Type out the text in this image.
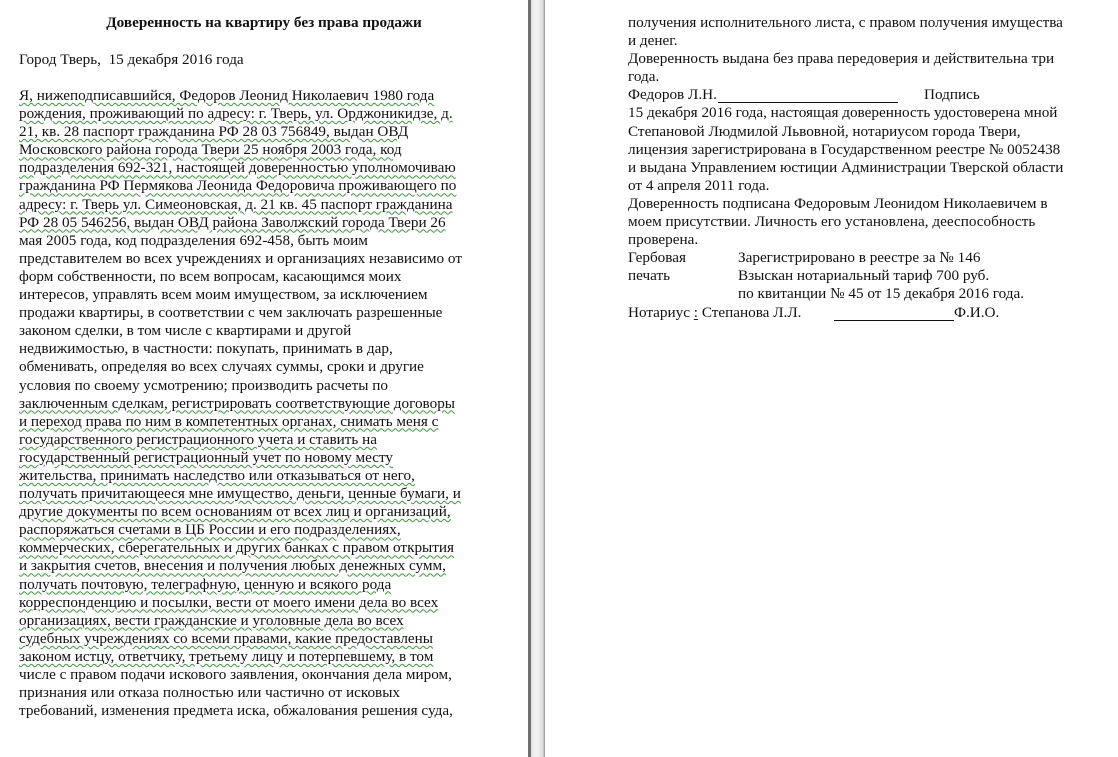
Доверенность на квартиру без права продажи
Город Тверь,  15 декабря 2016 года
Я, нижеподписавшийся, Федоров Леонид Николаевич 1980 года
рождения, проживающий по адресу: г. Тверь, ул. Орджоникидзе, д.
21, кв. 28 паспорт гражданина РФ 28 03 756849, выдан ОВД
Московского района города Твери 25 ноября 2003 года, код
подразделения 692-321, настоящей доверенностью уполномочиваю
гражданина РФ Пермякова Леонида Федоровича проживающего по
адресу: г. Тверь ул. Симеоновская, д. 21 кв. 45 паспорт гражданина
РФ 28 05 546256, выдан ОВД района Заволжский города Твери 26
мая 2005 года, код подразделения 692-458, быть моим
представителем во всех учреждениях и организациях независимо от
форм собственности, по всем вопросам, касающимся моих
интересов, управлять всем моим имуществом, за исключением
продажи квартиры, в соответствии с чем заключать разрешенные
законом сделки, в том числе с квартирами и другой
недвижимостью, в частности: покупать, принимать в дар,
обменивать, определяя во всех случаях суммы, сроки и другие
условия по своему усмотрению; производить расчеты по
заключенным сделкам, регистрировать соответствующие договоры
и переход права по ним в компетентных органах, снимать меня с
государственного регистрационного учета и ставить на
государственный регистрационный учет по новому месту
жительства, принимать наследство или отказываться от него,
получать причитающееся мне имущество, деньги, ценные бумаги, и
другие документы по всем основаниям от всех лиц и организаций,
распоряжаться счетами в ЦБ России и его подразделениях,
коммерческих, сберегательных и других банках с правом открытия
и закрытия счетов, внесения и получения любых денежных сумм,
получать почтовую, телеграфную, ценную и всякого рода
корреспонденцию и посылки, вести от моего имени дела во всех
организациях, вести гражданские и уголовные дела во всех
судебных учреждениях со всеми правами, какие предоставлены
законом истцу, ответчику, третьему лицу и потерпевшему, в том
числе с правом подачи искового заявления, окончания дела миром,
признания или отказа полностью или частично от исковых
требований, изменения предмета иска, обжалования решения суда,
получения исполнительного листа, с правом получения имущества
и денег.
Доверенность выдана без права передоверия и действительна три
года.
Федоров Л.Н.	Подпись
15 декабря 2016 года, настоящая доверенность удостоверена мной
Степановой Людмилой Львовной, нотариусом города Твери,
лицензия зарегистрирована в Государственном реестре № 0052438
и выдана Управлением юстиции Администрации Тверской области
от 4 апреля 2011 года.
Доверенность подписана Федоровым Леонидом Николаевичем в
моем присутствии. Личность его установлена, дееспособность
проверена.
Гербовая	Зарегистрировано в реестре за № 146
печать	Взыскан нотариальный тариф 700 руб.
по квитанции № 45 от 15 декабря 2016 года.
Нотариус : Степанова Л.Л.	Ф.И.О.
